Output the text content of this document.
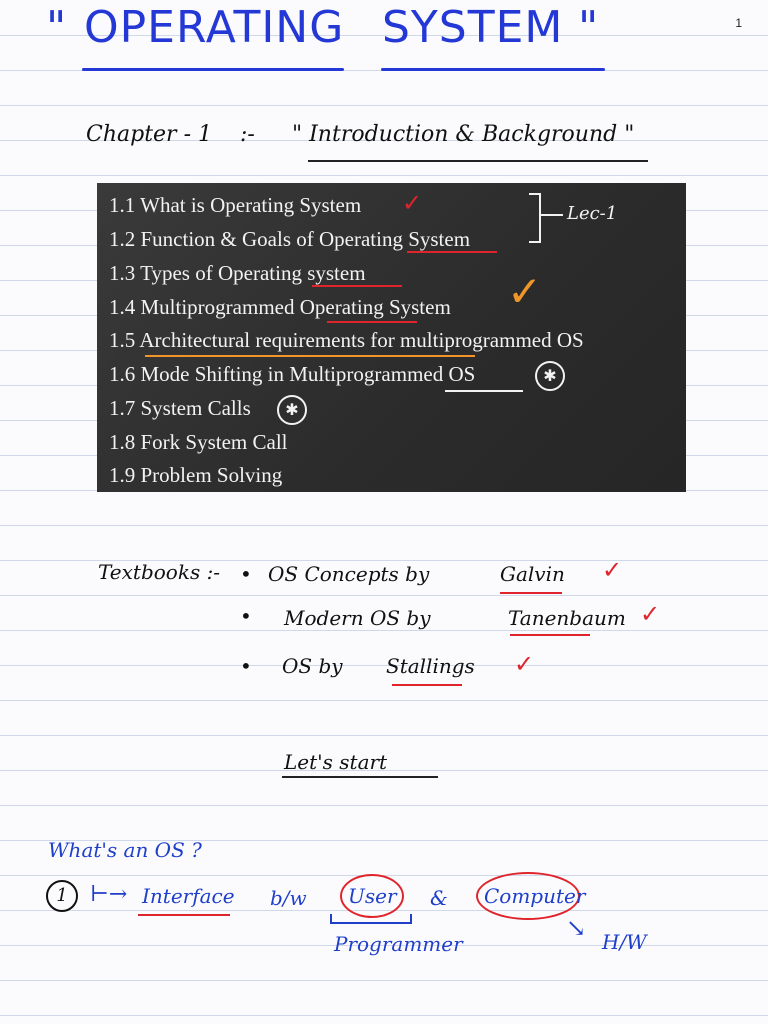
1
" OPERATING SYSTEM "
Chapter - 1 :- " Introduction & Background "
1.1 What is Operating System
1.2 Function & Goals of Operating System
1.3 Types of Operating system
1.4 Multiprogrammed Operating System
1.5 Architectural requirements for multiprogrammed OS
1.6 Mode Shifting in Multiprogrammed OS
1.7 System Calls
1.8 Fork System Call
1.9 Problem Solving
✓
✓
Lec-1
✱
✱
Textbooks :- • OS Concepts by	Galvin ✓
• Modern OS by	Tanenbaum ✓
• OS by Stallings ✓
Let's start
What's an OS ?
1	⊢→ Interface b/w User & Computer
Programmer
↘ H/W
